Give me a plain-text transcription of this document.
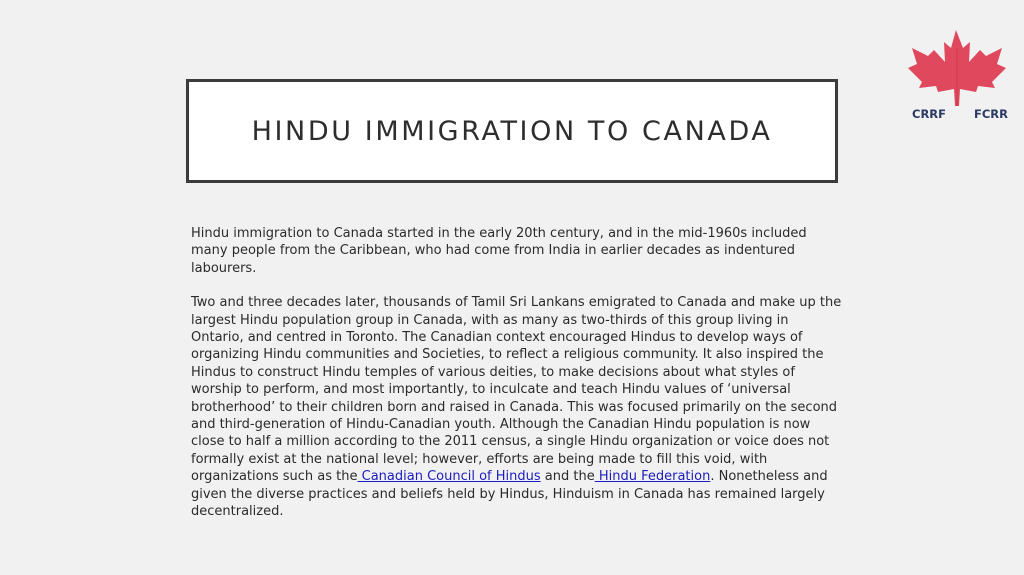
HINDU IMMIGRATION TO CANADA
CRRF FCRR

Hindu immigration to Canada started in the early 20th century, and in the mid-1960s included many people from the Caribbean, who had come from India in earlier decades as indentured labourers.

Two and three decades later, thousands of Tamil Sri Lankans emigrated to Canada and make up the largest Hindu population group in Canada, with as many as two-thirds of this group living in Ontario, and centred in Toronto. The Canadian context encouraged Hindus to develop ways of organizing Hindu communities and Societies, to reflect a religious community. It also inspired the Hindus to construct Hindu temples of various deities, to make decisions about what styles of worship to perform, and most importantly, to inculcate and teach Hindu values of ‘universal brotherhood’ to their children born and raised in Canada. This was focused primarily on the second and third-generation of Hindu-Canadian youth. Although the Canadian Hindu population is now close to half a million according to the 2011 census, a single Hindu organization or voice does not formally exist at the national level; however, efforts are being made to fill this void, with organizations such as the Canadian Council of Hindus and the Hindu Federation. Nonetheless and given the diverse practices and beliefs held by Hindus, Hinduism in Canada has remained largely decentralized.
